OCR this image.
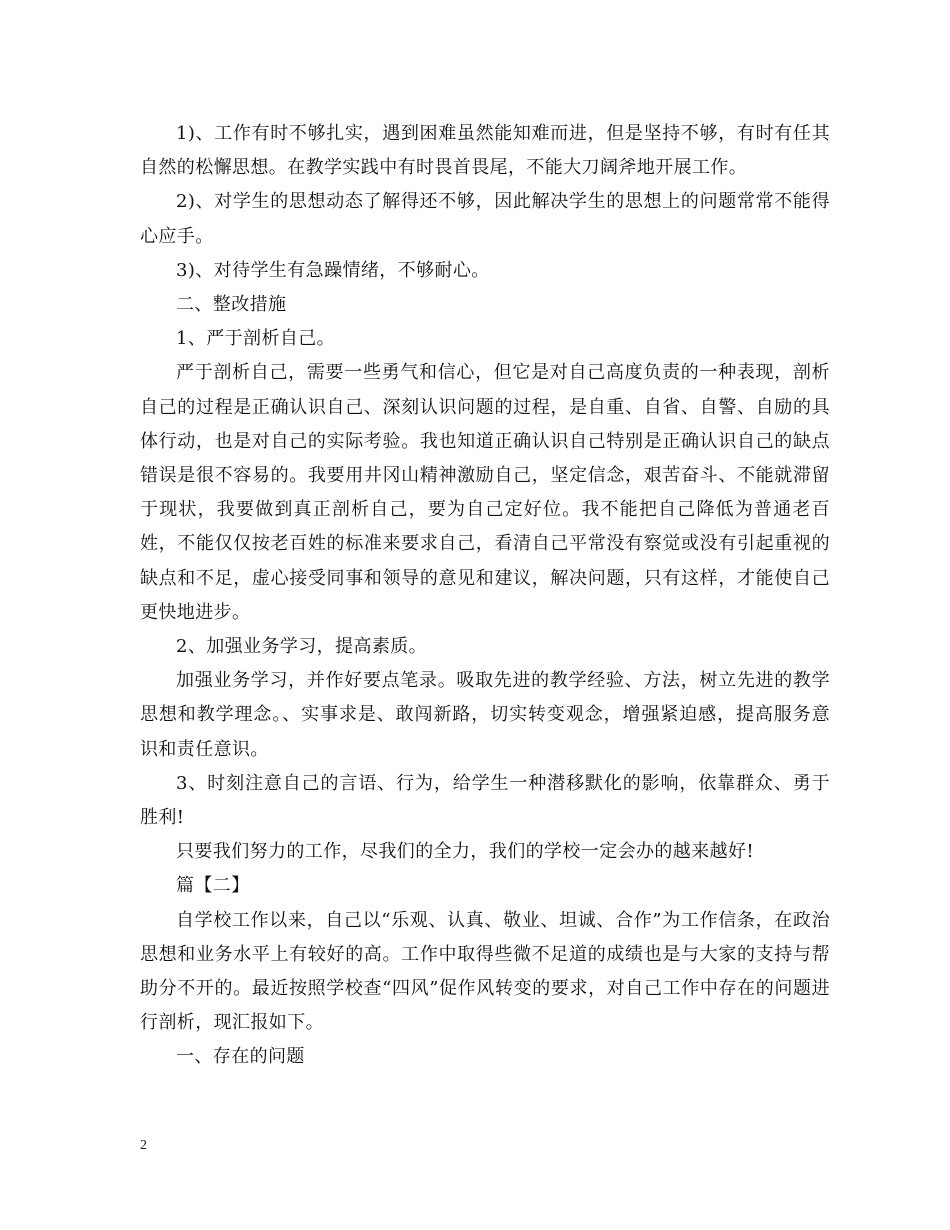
1)、工作有时不够扎实，遇到困难虽然能知难而进，但是坚持不够，有时有任其自然的松懈思想。在教学实践中有时畏首畏尾，不能大刀阔斧地开展工作。

2)、对学生的思想动态了解得还不够，因此解决学生的思想上的问题常常不能得心应手。

3)、对待学生有急躁情绪，不够耐心。

二、整改措施

1、严于剖析自己。

严于剖析自己，需要一些勇气和信心，但它是对自己高度负责的一种表现，剖析自己的过程是正确认识自己、深刻认识问题的过程，是自重、自省、自警、自励的具体行动，也是对自己的实际考验。我也知道正确认识自己特别是正确认识自己的缺点错误是很不容易的。我要用井冈山精神激励自己，坚定信念，艰苦奋斗、不能就滞留于现状，我要做到真正剖析自己，要为自己定好位。我不能把自己降低为普通老百姓，不能仅仅按老百姓的标准来要求自己，看清自己平常没有察觉或没有引起重视的缺点和不足，虚心接受同事和领导的意见和建议，解决问题，只有这样，才能使自己更快地进步。

2、加强业务学习，提高素质。

加强业务学习，并作好要点笔录。吸取先进的教学经验、方法，树立先进的教学思想和教学理念。、实事求是、敢闯新路，切实转变观念，增强紧迫感，提高服务意识和责任意识。

3、时刻注意自己的言语、行为，给学生一种潜移默化的影响，依靠群众、勇于胜利!

只要我们努力的工作，尽我们的全力，我们的学校一定会办的越来越好!

篇【二】

自学校工作以来，自己以“乐观、认真、敬业、坦诚、合作”为工作信条，在政治思想和业务水平上有较好的高。工作中取得些微不足道的成绩也是与大家的支持与帮助分不开的。最近按照学校查“四风”促作风转变的要求，对自己工作中存在的问题进行剖析，现汇报如下。

一、存在的问题

2
